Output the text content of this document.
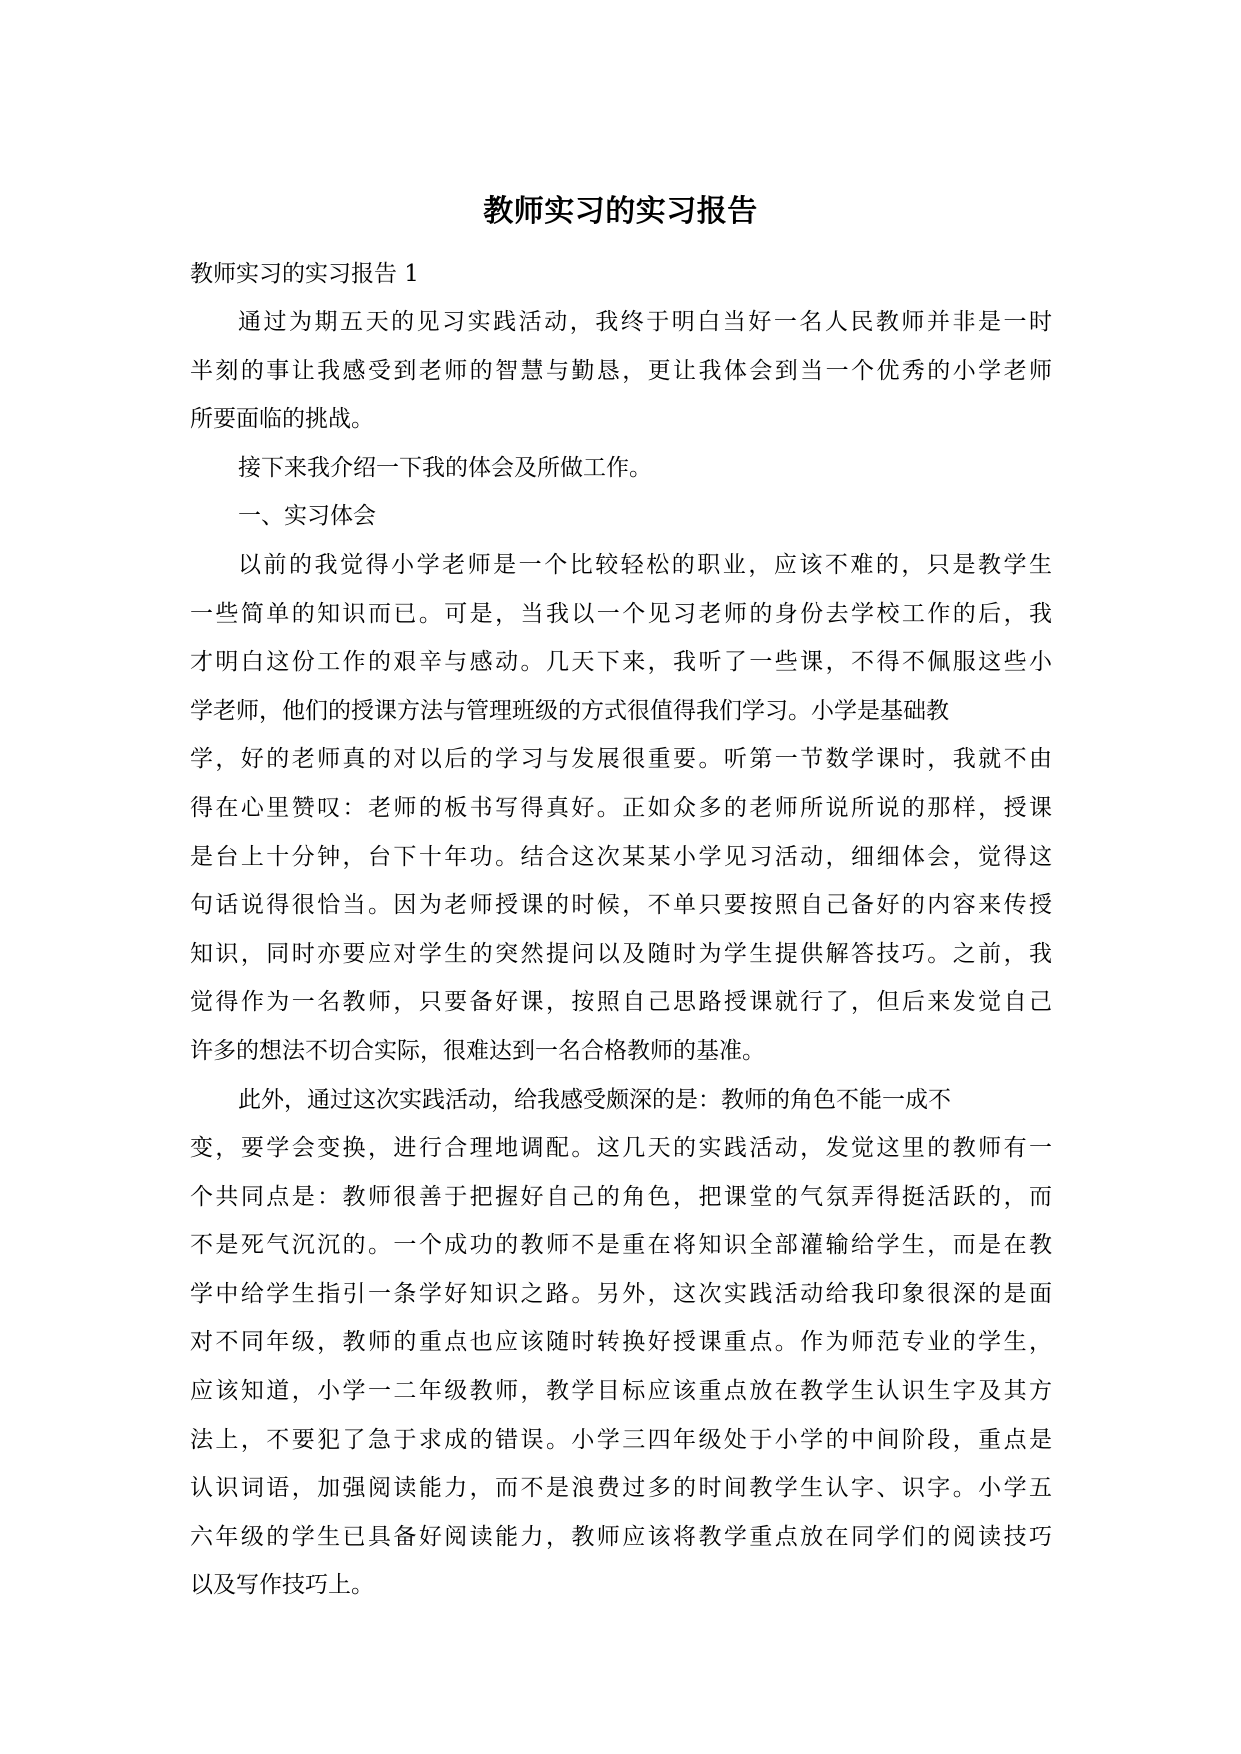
教师实习的实习报告
教师实习的实习报告 1
通过为期五天的见习实践活动，我终于明白当好一名人民教师并非是一时
半刻的事让我感受到老师的智慧与勤恳，更让我体会到当一个优秀的小学老师
所要面临的挑战。
接下来我介绍一下我的体会及所做工作。
一、实习体会
以前的我觉得小学老师是一个比较轻松的职业，应该不难的，只是教学生
一些简单的知识而已。可是，当我以一个见习老师的身份去学校工作的后，我
才明白这份工作的艰辛与感动。几天下来，我听了一些课，不得不佩服这些小
学老师，他们的授课方法与管理班级的方式很值得我们学习。小学是基础教
学，好的老师真的对以后的学习与发展很重要。听第一节数学课时，我就不由
得在心里赞叹：老师的板书写得真好。正如众多的老师所说所说的那样，授课
是台上十分钟，台下十年功。结合这次某某小学见习活动，细细体会，觉得这
句话说得很恰当。因为老师授课的时候，不单只要按照自己备好的内容来传授
知识，同时亦要应对学生的突然提问以及随时为学生提供解答技巧。之前，我
觉得作为一名教师，只要备好课，按照自己思路授课就行了，但后来发觉自己
许多的想法不切合实际，很难达到一名合格教师的基准。
此外，通过这次实践活动，给我感受颇深的是：教师的角色不能一成不
变，要学会变换，进行合理地调配。这几天的实践活动，发觉这里的教师有一
个共同点是：教师很善于把握好自己的角色，把课堂的气氛弄得挺活跃的，而
不是死气沉沉的。一个成功的教师不是重在将知识全部灌输给学生，而是在教
学中给学生指引一条学好知识之路。另外，这次实践活动给我印象很深的是面
对不同年级，教师的重点也应该随时转换好授课重点。作为师范专业的学生，
应该知道，小学一二年级教师，教学目标应该重点放在教学生认识生字及其方
法上，不要犯了急于求成的错误。小学三四年级处于小学的中间阶段，重点是
认识词语，加强阅读能力，而不是浪费过多的时间教学生认字、识字。小学五
六年级的学生已具备好阅读能力，教师应该将教学重点放在同学们的阅读技巧
以及写作技巧上。
